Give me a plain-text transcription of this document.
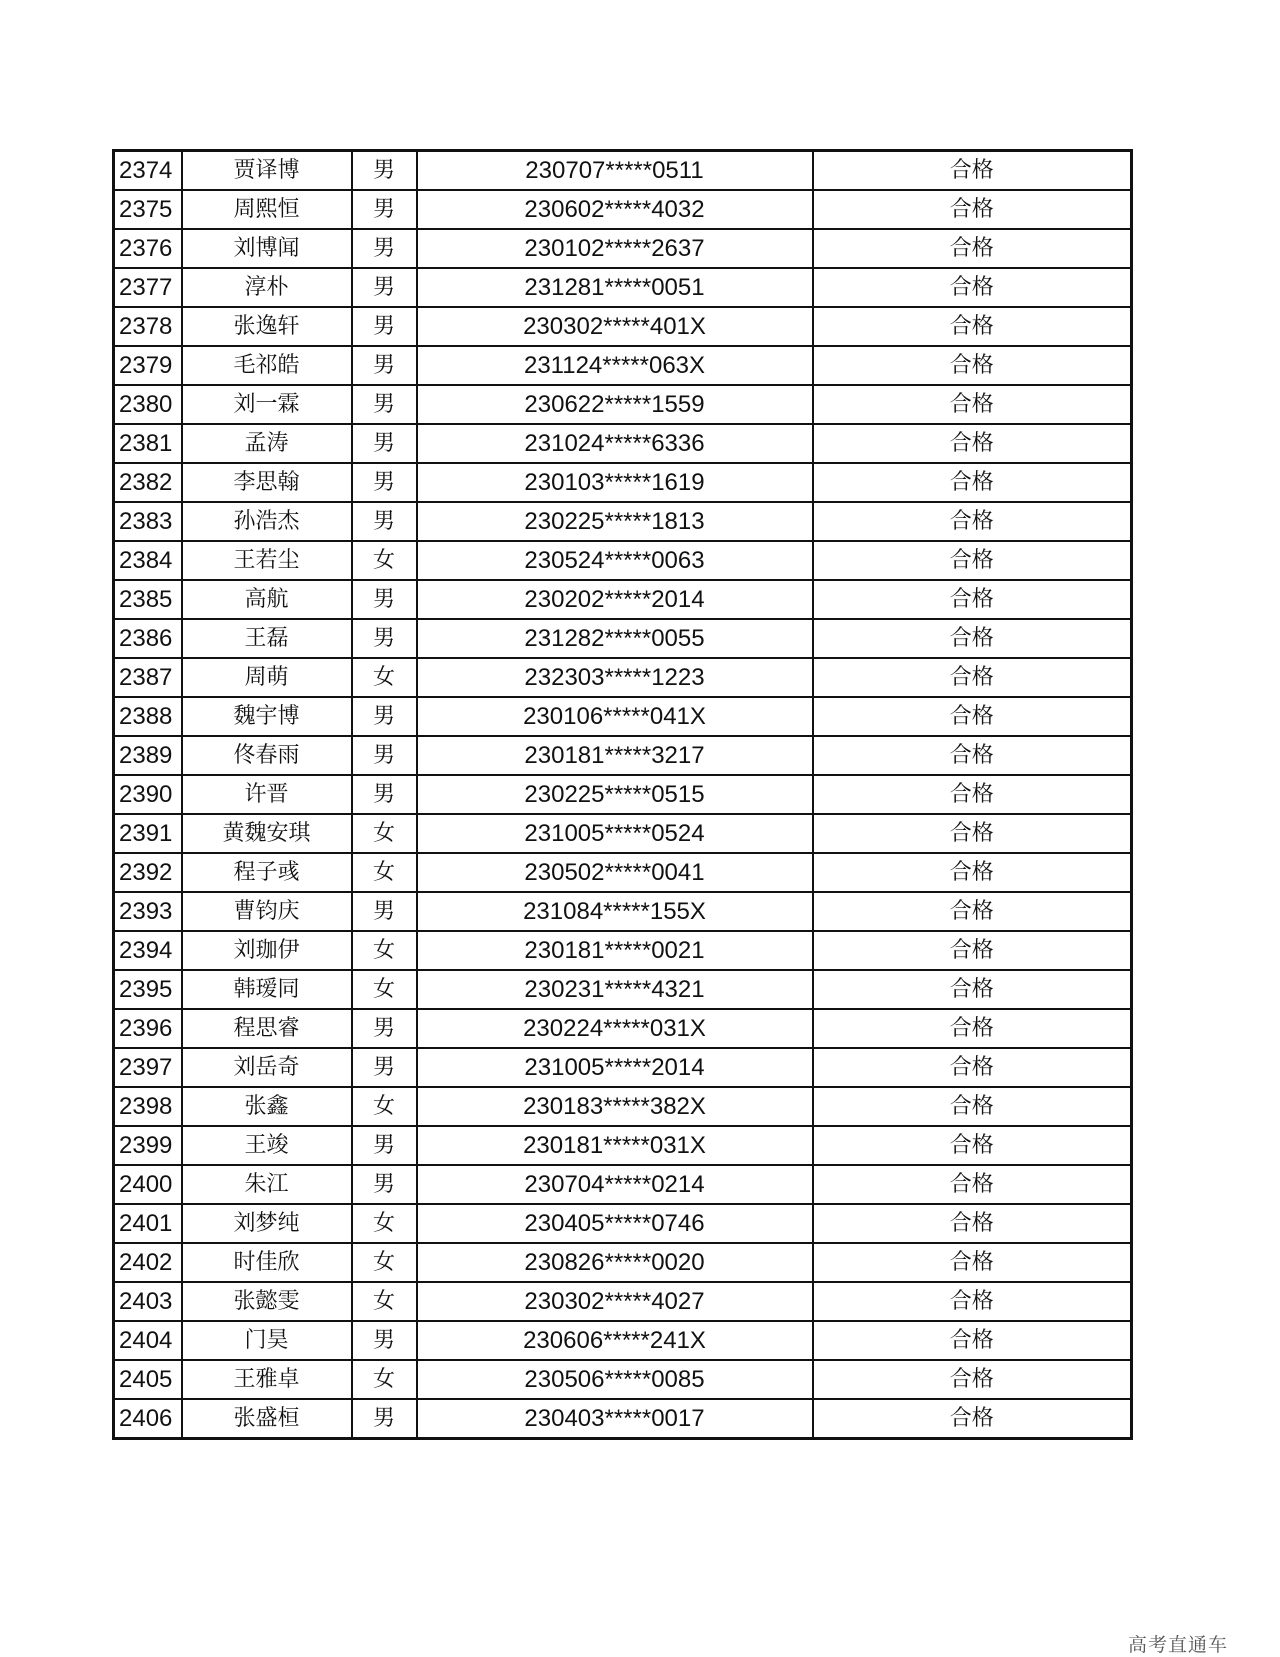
2374	贾译博	男	230707*****0511	合格
2375	周熙恒	男	230602*****4032	合格
2376	刘博闻	男	230102*****2637	合格
2377	淳朴	男	231281*****0051	合格
2378	张逸轩	男	230302*****401X	合格
2379	毛祁皓	男	231124*****063X	合格
2380	刘一霖	男	230622*****1559	合格
2381	孟涛	男	231024*****6336	合格
2382	李思翰	男	230103*****1619	合格
2383	孙浩杰	男	230225*****1813	合格
2384	王若尘	女	230524*****0063	合格
2385	高航	男	230202*****2014	合格
2386	王磊	男	231282*****0055	合格
2387	周萌	女	232303*****1223	合格
2388	魏宇博	男	230106*****041X	合格
2389	佟春雨	男	230181*****3217	合格
2390	许晋	男	230225*****0515	合格
2391	黄魏安琪	女	231005*****0524	合格
2392	程子彧	女	230502*****0041	合格
2393	曹钧庆	男	231084*****155X	合格
2394	刘珈伊	女	230181*****0021	合格
2395	韩瑷同	女	230231*****4321	合格
2396	程思睿	男	230224*****031X	合格
2397	刘岳奇	男	231005*****2014	合格
2398	张鑫	女	230183*****382X	合格
2399	王竣	男	230181*****031X	合格
2400	朱江	男	230704*****0214	合格
2401	刘梦纯	女	230405*****0746	合格
2402	时佳欣	女	230826*****0020	合格
2403	张懿雯	女	230302*****4027	合格
2404	门昊	男	230606*****241X	合格
2405	王雅卓	女	230506*****0085	合格
2406	张盛桓	男	230403*****0017	合格
高考直通车
